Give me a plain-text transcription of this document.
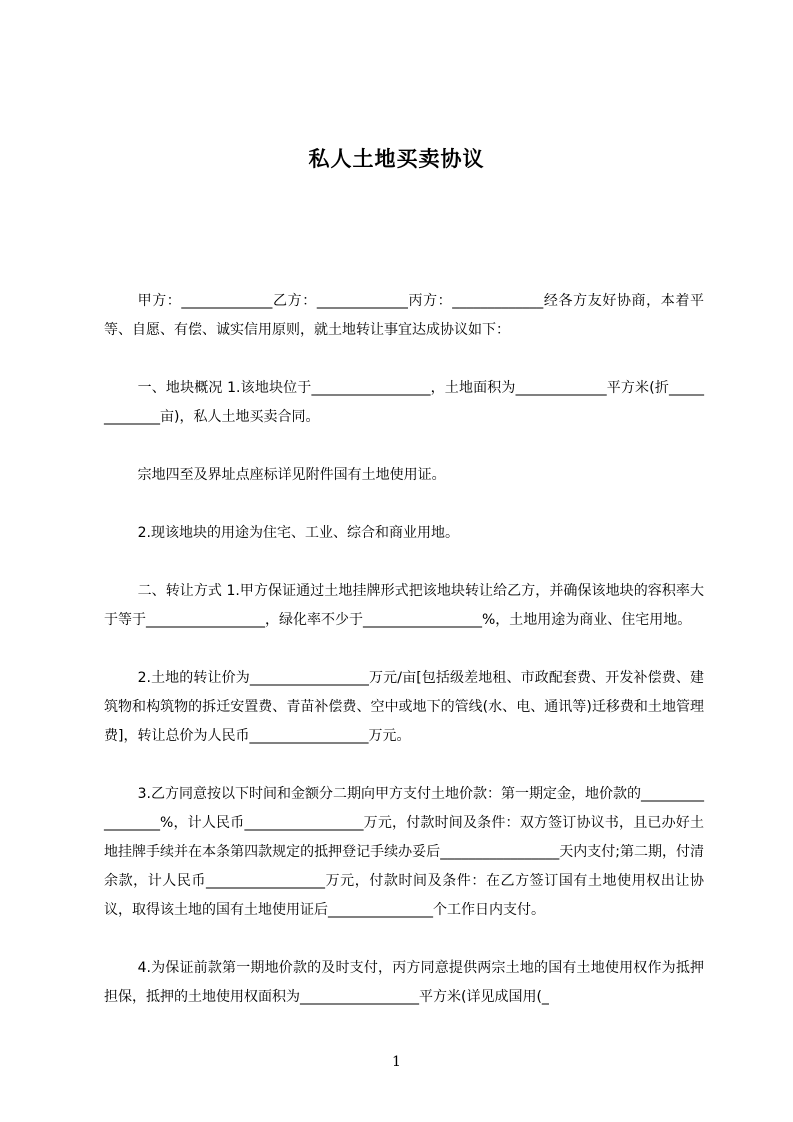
私人土地买卖协议

甲方：_____________乙方：_____________丙方：_____________经各方友好协商，本着平等、自愿、有偿、诚实信用原则，就土地转让事宜达成协议如下：

一、地块概况 1.该地块位于_________________，土地面积为_____________平方米(折_____________亩)，私人土地买卖合同。

宗地四至及界址点座标详见附件国有土地使用证。

2.现该地块的用途为住宅、工业、综合和商业用地。

二、转让方式 1.甲方保证通过土地挂牌形式把该地块转让给乙方，并确保该地块的容积率大于等于_________________，绿化率不少于_________________%，土地用途为商业、住宅用地。

2.土地的转让价为_________________万元/亩[包括级差地租、市政配套费、开发补偿费、建筑物和构筑物的拆迁安置费、青苗补偿费、空中或地下的管线(水、电、通讯等)迁移费和土地管理费]，转让总价为人民币_________________万元。

3.乙方同意按以下时间和金额分二期向甲方支付土地价款：第一期定金，地价款的_________________%，计人民币_________________万元，付款时间及条件：双方签订协议书，且已办好土地挂牌手续并在本条第四款规定的抵押登记手续办妥后_________________天内支付;第二期，付清余款，计人民币_________________万元，付款时间及条件：在乙方签订国有土地使用权出让协议，取得该土地的国有土地使用证后_______________个工作日内支付。

4.为保证前款第一期地价款的及时支付，丙方同意提供两宗土地的国有土地使用权作为抵押担保，抵押的土地使用权面积为_________________平方米(详见成国用(_

1
